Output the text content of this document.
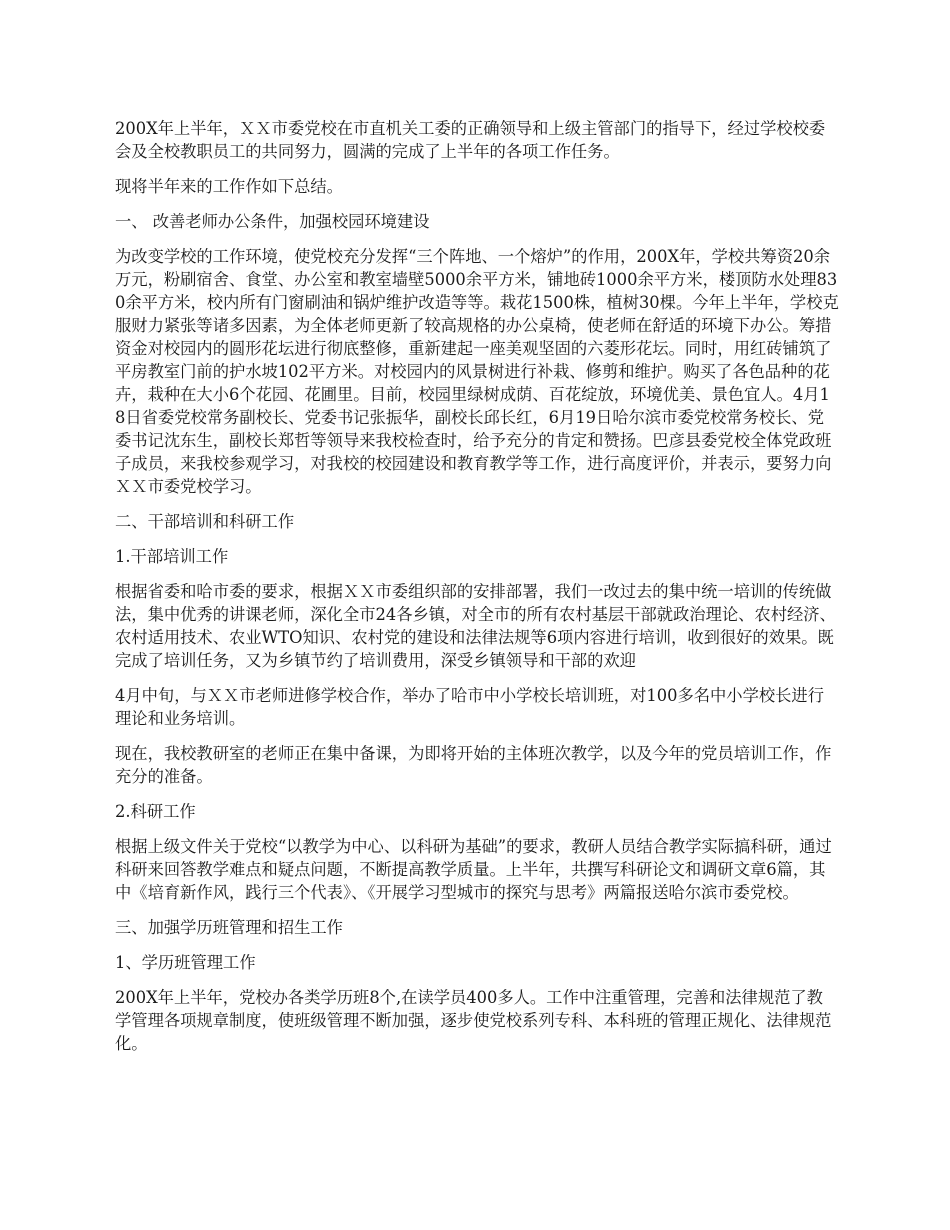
200X年上半年，ＸＸ市委党校在市直机关工委的正确领导和上级主管部门的指导下，经过学校校委会及全校教职员工的共同努力，圆满的完成了上半年的各项工作任务。

现将半年来的工作作如下总结。

一、 改善老师办公条件，加强校园环境建设

为改变学校的工作环境，使党校充分发挥“三个阵地、一个熔炉”的作用，200X年，学校共筹资20余万元，粉刷宿舍、食堂、办公室和教室墙壁5000余平方米，铺地砖1000余平方米，楼顶防水处理830余平方米，校内所有门窗刷油和锅炉维护改造等等。栽花1500株，植树30棵。今年上半年，学校克服财力紧张等诸多因素，为全体老师更新了较高规格的办公桌椅，使老师在舒适的环境下办公。筹措资金对校园内的圆形花坛进行彻底整修，重新建起一座美观坚固的六菱形花坛。同时，用红砖铺筑了平房教室门前的护水坡102平方米。对校园内的风景树进行补栽、修剪和维护。购买了各色品种的花卉，栽种在大小6个花园、花圃里。目前，校园里绿树成荫、百花绽放，环境优美、景色宜人。4月18日省委党校常务副校长、党委书记张振华，副校长邱长红，6月19日哈尔滨市委党校常务校长、党委书记沈东生，副校长郑哲等领导来我校检查时，给予充分的肯定和赞扬。巴彦县委党校全体党政班子成员，来我校参观学习，对我校的校园建设和教育教学等工作，进行高度评价，并表示，要努力向ＸＸ市委党校学习。

二、干部培训和科研工作

1.干部培训工作

根据省委和哈市委的要求，根据ＸＸ市委组织部的安排部署，我们一改过去的集中统一培训的传统做法，集中优秀的讲课老师，深化全市24各乡镇，对全市的所有农村基层干部就政治理论、农村经济、农村适用技术、农业WTO知识、农村党的建设和法律法规等6项内容进行培训，收到很好的效果。既完成了培训任务，又为乡镇节约了培训费用，深受乡镇领导和干部的欢迎

4月中旬，与ＸＸ市老师进修学校合作，举办了哈市中小学校长培训班，对100多名中小学校长进行理论和业务培训。

现在，我校教研室的老师正在集中备课，为即将开始的主体班次教学，以及今年的党员培训工作，作充分的准备。

2.科研工作

根据上级文件关于党校“以教学为中心、以科研为基础”的要求，教研人员结合教学实际搞科研，通过科研来回答教学难点和疑点问题，不断提高教学质量。上半年，共撰写科研论文和调研文章6篇，其中《培育新作风，践行三个代表》、《开展学习型城市的探究与思考》两篇报送哈尔滨市委党校。

三、加强学历班管理和招生工作

1、学历班管理工作

200X年上半年，党校办各类学历班8个,在读学员400多人。工作中注重管理，完善和法律规范了教学管理各项规章制度，使班级管理不断加强，逐步使党校系列专科、本科班的管理正规化、法律规范化。
